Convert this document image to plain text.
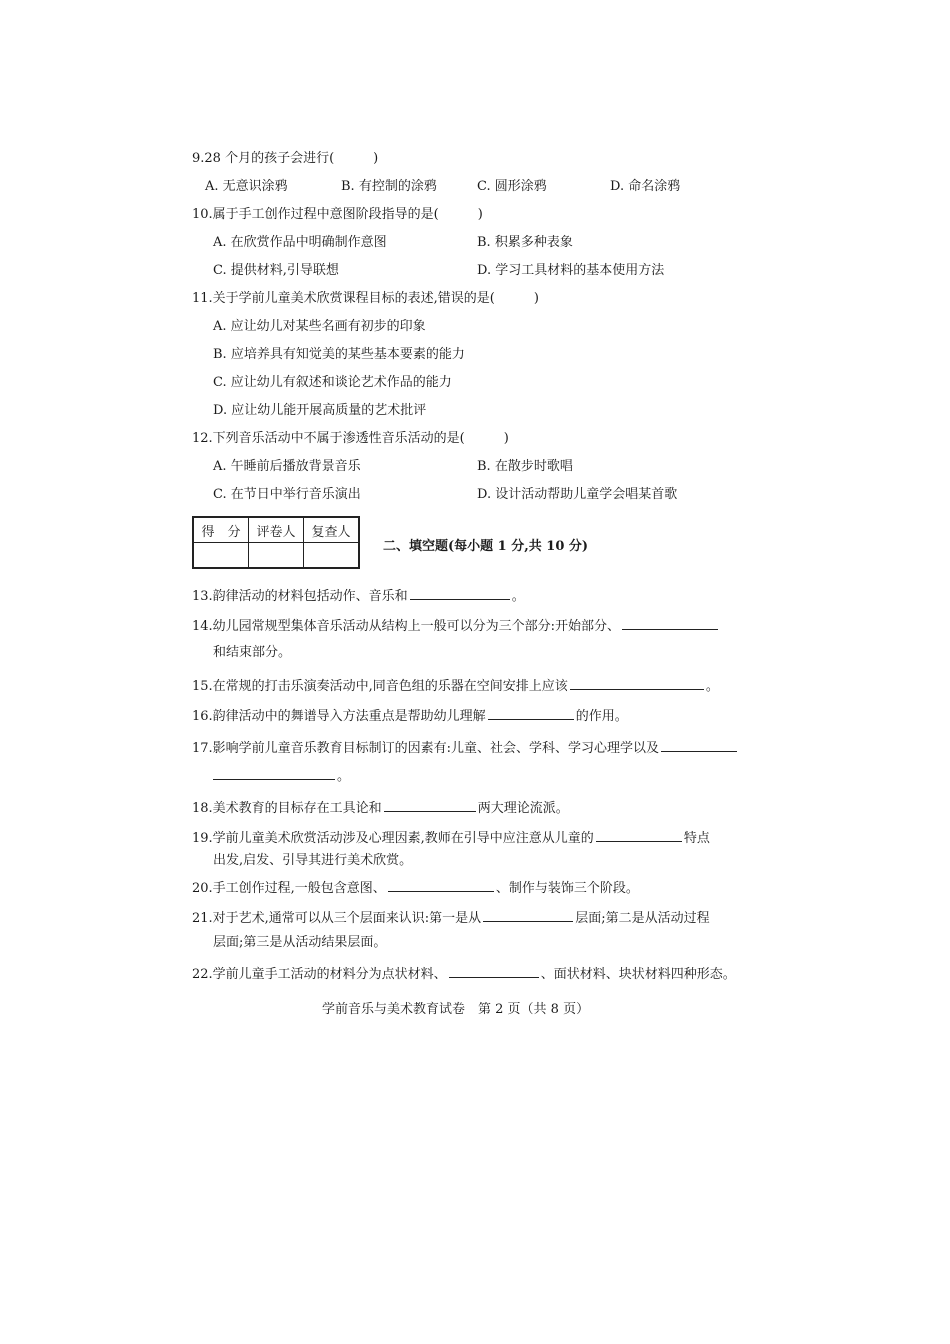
9.28 个月的孩子会进行(　　　)
A. 无意识涂鸦	B. 有控制的涂鸦	C. 圆形涂鸦	D. 命名涂鸦
10.属于手工创作过程中意图阶段指导的是(　　　)
A. 在欣赏作品中明确制作意图	B. 积累多种表象
C. 提供材料,引导联想	D. 学习工具材料的基本使用方法
11.关于学前儿童美术欣赏课程目标的表述,错误的是(　　　)
A. 应让幼儿对某些名画有初步的印象
B. 应培养具有知觉美的某些基本要素的能力
C. 应让幼儿有叙述和谈论艺术作品的能力
D. 应让幼儿能开展高质量的艺术批评
12.下列音乐活动中不属于渗透性音乐活动的是(　　　)
A. 午睡前后播放背景音乐	B. 在散步时歌唱
C. 在节日中举行音乐演出	D. 设计活动帮助儿童学会唱某首歌
得　分	评卷人	复查人

二、填空题(每小题 1 分,共 10 分)
13.韵律活动的材料包括动作、音乐和	。
14.幼儿园常规型集体音乐活动从结构上一般可以分为三个部分:开始部分、
和结束部分。
15.在常规的打击乐演奏活动中,同音色组的乐器在空间安排上应该	。
16.韵律活动中的舞谱导入方法重点是帮助幼儿理解	的作用。
17.影响学前儿童音乐教育目标制订的因素有:儿童、社会、学科、学习心理学以及
。
18.美术教育的目标存在工具论和	两大理论流派。
19.学前儿童美术欣赏活动涉及心理因素,教师在引导中应注意从儿童的	特点
出发,启发、引导其进行美术欣赏。
20.手工创作过程,一般包含意图、	、制作与装饰三个阶段。
21.对于艺术,通常可以从三个层面来认识:第一是从	层面;第二是从活动过程
层面;第三是从活动结果层面。
22.学前儿童手工活动的材料分为点状材料、	、面状材料、块状材料四种形态。
学前音乐与美术教育试卷　第 2 页（共 8 页）
